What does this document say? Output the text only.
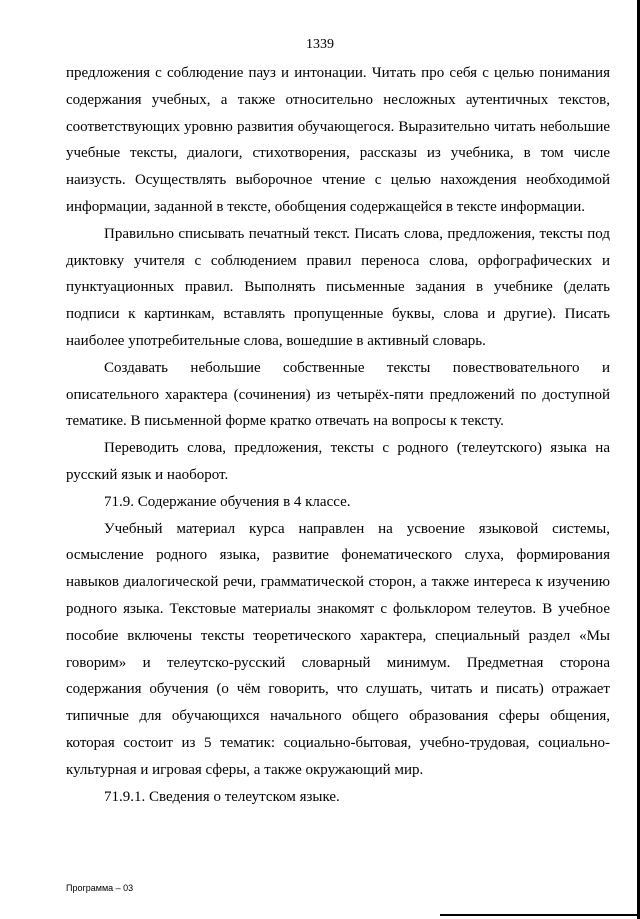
1339

предложения с соблюдение пауз и интонации. Читать про себя с целью понимания содержания учебных, а также относительно несложных аутентичных текстов, соответствующих уровню развития обучающегося. Выразительно читать небольшие учебные тексты, диалоги, стихотворения, рассказы из учебника, в том числе наизусть. Осуществлять выборочное чтение с целью нахождения необходимой информации, заданной в тексте, обобщения содержащейся в тексте информации.

Правильно списывать печатный текст. Писать слова, предложения, тексты под диктовку учителя с соблюдением правил переноса слова, орфографических и пунктуационных правил. Выполнять письменные задания в учебнике (делать подписи к картинкам, вставлять пропущенные буквы, слова и другие). Писать наиболее употребительные слова, вошедшие в активный словарь.

Создавать небольшие собственные тексты повествовательного и описательного характера (сочинения) из четырёх-пяти предложений по доступной тематике. В письменной форме кратко отвечать на вопросы к тексту.

Переводить слова, предложения, тексты с родного (телеутского) языка на русский язык и наоборот.

71.9. Содержание обучения в 4 классе.

Учебный материал курса направлен на усвоение языковой системы, осмысление родного языка, развитие фонематического слуха, формирования навыков диалогической речи, грамматической сторон, а также интереса к изучению родного языка. Текстовые материалы знакомят с фольклором телеутов. В учебное пособие включены тексты теоретического характера, специальный раздел «Мы говорим» и телеутско-русский словарный минимум. Предметная сторона содержания обучения (о чём говорить, что слушать, читать и писать) отражает типичные для обучающихся начального общего образования сферы общения, которая состоит из 5 тематик: социально-бытовая, учебно-трудовая, социально-культурная и игровая сферы, а также окружающий мир.

71.9.1. Сведения о телеутском языке.

Программа – 03
